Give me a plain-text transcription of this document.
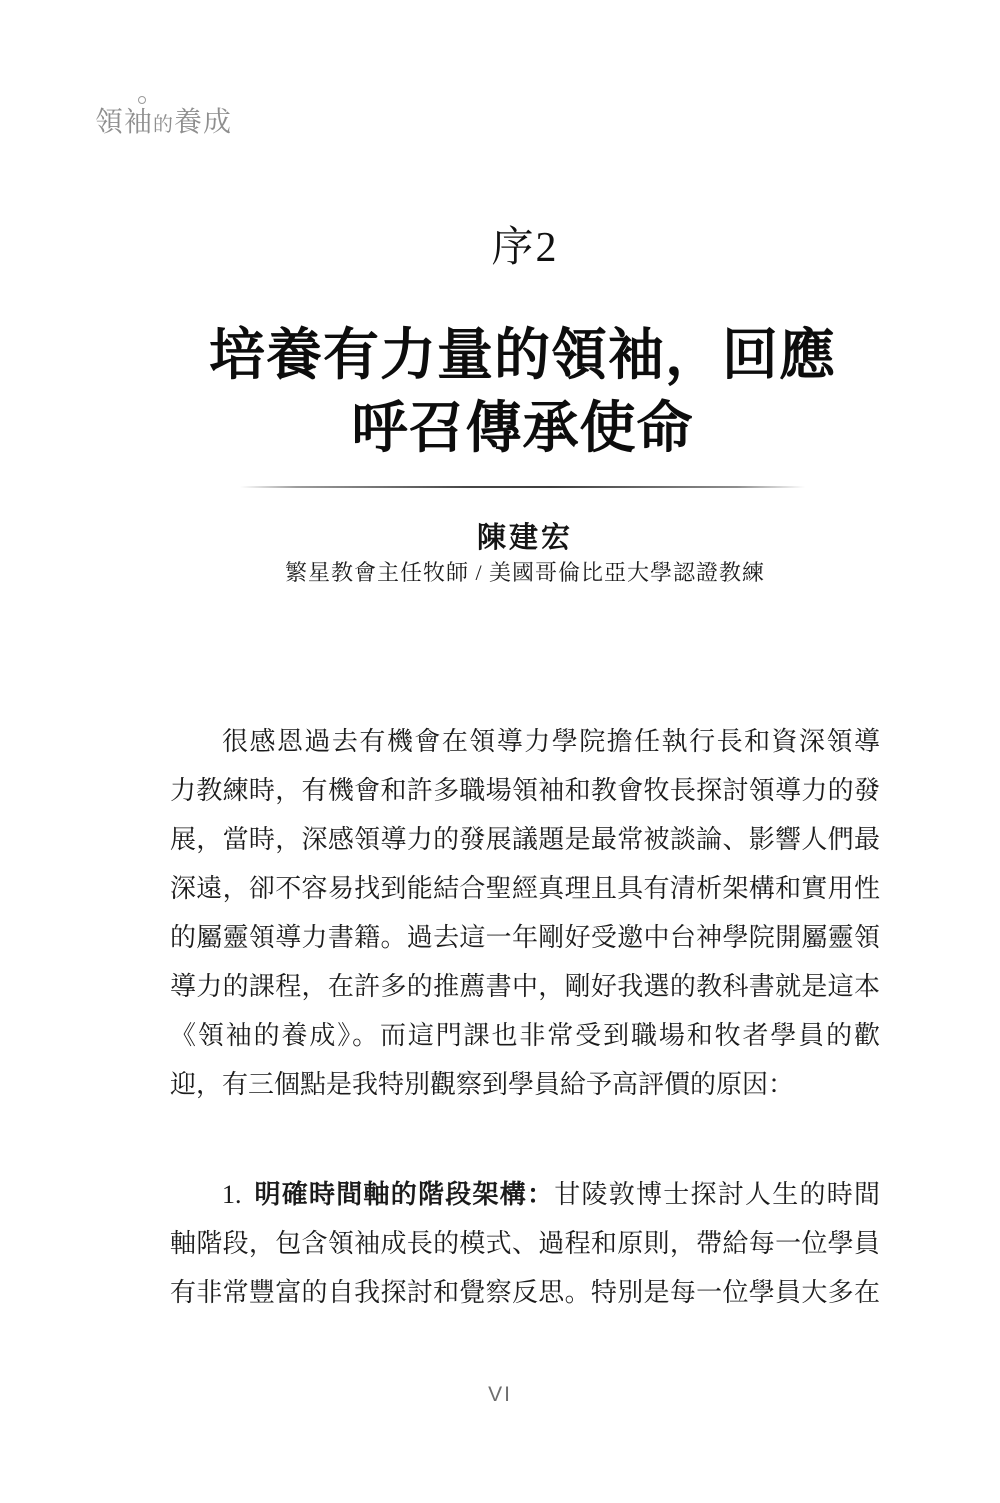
領袖的養成
序2
培養有力量的領袖，回應
呼召傳承使命
陳建宏
繁星教會主任牧師 / 美國哥倫比亞大學認證教練
很感恩過去有機會在領導力學院擔任執行長和資深領導
力教練時，有機會和許多職場領袖和教會牧長探討領導力的發
展，當時，深感領導力的發展議題是最常被談論、影響人們最
深遠，卻不容易找到能結合聖經真理且具有清析架構和實用性
的屬靈領導力書籍。過去這一年剛好受邀中台神學院開屬靈領
導力的課程，在許多的推薦書中，剛好我選的教科書就是這本
《領袖的養成》。而這門課也非常受到職場和牧者學員的歡
迎，有三個點是我特別觀察到學員給予高評價的原因：
1. 明確時間軸的階段架構：甘陵敦博士探討人生的時間
軸階段，包含領袖成長的模式、過程和原則，帶給每一位學員
有非常豐富的自我探討和覺察反思。特別是每一位學員大多在
VI
